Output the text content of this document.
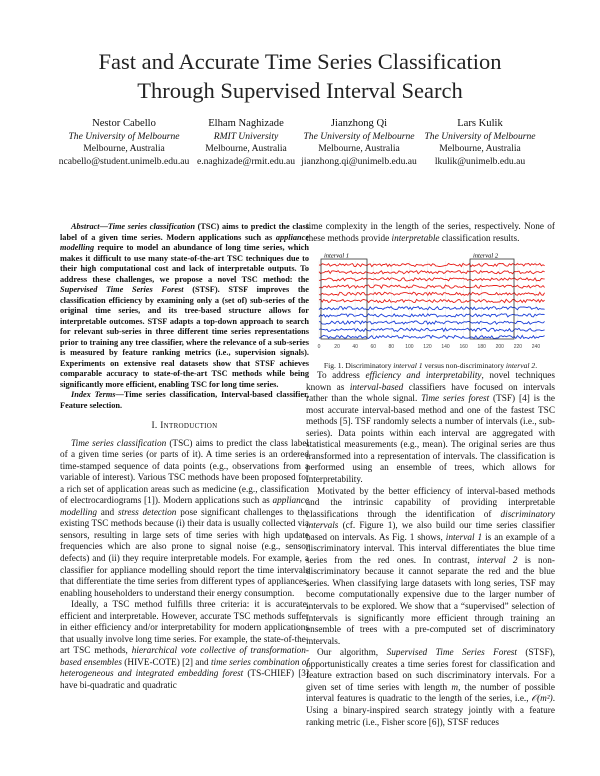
Fast and Accurate Time Series Classification
Through Supervised Interval Search
Nestor Cabello
The University of Melbourne
Melbourne, Australia
ncabello@student.unimelb.edu.au
Elham Naghizade
RMIT University
Melbourne, Australia
e.naghizade@rmit.edu.au
Jianzhong Qi
The University of Melbourne
Melbourne, Australia
jianzhong.qi@unimelb.edu.au
Lars Kulik
The University of Melbourne
Melbourne, Australia
lkulik@unimelb.edu.au

Abstract—Time series classification (TSC) aims to predict the class label of a given time series. Modern applications such as appliance modelling require to model an abundance of long time series, which makes it difficult to use many state-of-the-art TSC techniques due to their high computational cost and lack of interpretable outputs. To address these challenges, we propose a novel TSC method: the Supervised Time Series Forest (STSF). STSF improves the classification efficiency by examining only a (set of) sub-series of the original time series, and its tree-based structure allows for interpretable outcomes. STSF adapts a top-down approach to search for relevant sub-series in three different time series representations prior to training any tree classifier, where the relevance of a sub-series is measured by feature ranking metrics (i.e., supervision signals). Experiments on extensive real datasets show that STSF achieves comparable accuracy to state-of-the-art TSC methods while being significantly more efficient, enabling TSC for long time series.

Index Terms—Time series classification, Interval-based classifier, Feature selection.

I. Introduction

Time series classification (TSC) aims to predict the class label of a given time series (or parts of it). A time series is an ordered time-stamped sequence of data points (e.g., observations from a variable of interest). Various TSC methods have been proposed for a rich set of application areas such as medicine (e.g., classification of electrocardiograms [1]). Modern applications such as appliance modelling and stress detection pose significant challenges to the existing TSC methods because (i) their data is usually collected via sensors, resulting in large sets of time series with high update frequencies which are also prone to signal noise (e.g., sensor defects) and (ii) they require interpretable models. For example, a classifier for appliance modelling should report the time intervals that differentiate the time series from different types of appliances, enabling householders to understand their energy consumption.

Ideally, a TSC method fulfills three criteria: it is accurate, efficient and interpretable. However, accurate TSC methods suffer in either efficiency and/or interpretability for modern applications that usually involve long time series. For example, the state-of-the-art TSC methods, hierarchical vote collective of transformation-based ensembles (HIVE-COTE) [2] and time series combination of heterogeneous and integrated embedding forest (TS-CHIEF) [3] have bi-quadratic and quadratic

time complexity in the length of the series, respectively. None of these methods provide interpretable classification results.

interval 1	interval 2
0	20	40	60	80 100 120 140 160 180 200 220 240

Fig. 1. Discriminatory interval 1 versus non-discriminatory interval 2.

To address efficiency and interpretability, novel techniques known as interval-based classifiers have focused on intervals rather than the whole signal. Time series forest (TSF) [4] is the most accurate interval-based method and one of the fastest TSC methods [5]. TSF randomly selects a number of intervals (i.e., sub-series). Data points within each interval are aggregated with statistical measurements (e.g., mean). The original series are thus transformed into a representation of intervals. The classification is performed using an ensemble of trees, which allows for interpretability.

Motivated by the better efficiency of interval-based methods and the intrinsic capability of providing interpretable classifications through the identification of discriminatory intervals (cf. Figure 1), we also build our time series classifier based on intervals. As Fig. 1 shows, interval 1 is an example of a discriminatory interval. This interval differentiates the blue time series from the red ones. In contrast, interval 2 is non-discriminatory because it cannot separate the red and the blue series. When classifying large datasets with long series, TSF may become computationally expensive due to the larger number of intervals to be explored. We show that a “supervised” selection of intervals is significantly more efficient through training an ensemble of trees with a pre-computed set of discriminatory intervals.

Our algorithm, Supervised Time Series Forest (STSF), opportunistically creates a time series forest for classification and feature extraction based on such discriminatory intervals. For a given set of time series with length m, the number of possible interval features is quadratic to the length of the series, i.e., 𝒪(m²). Using a binary-inspired search strategy jointly with a feature ranking metric (i.e., Fisher score [6]), STSF reduces
